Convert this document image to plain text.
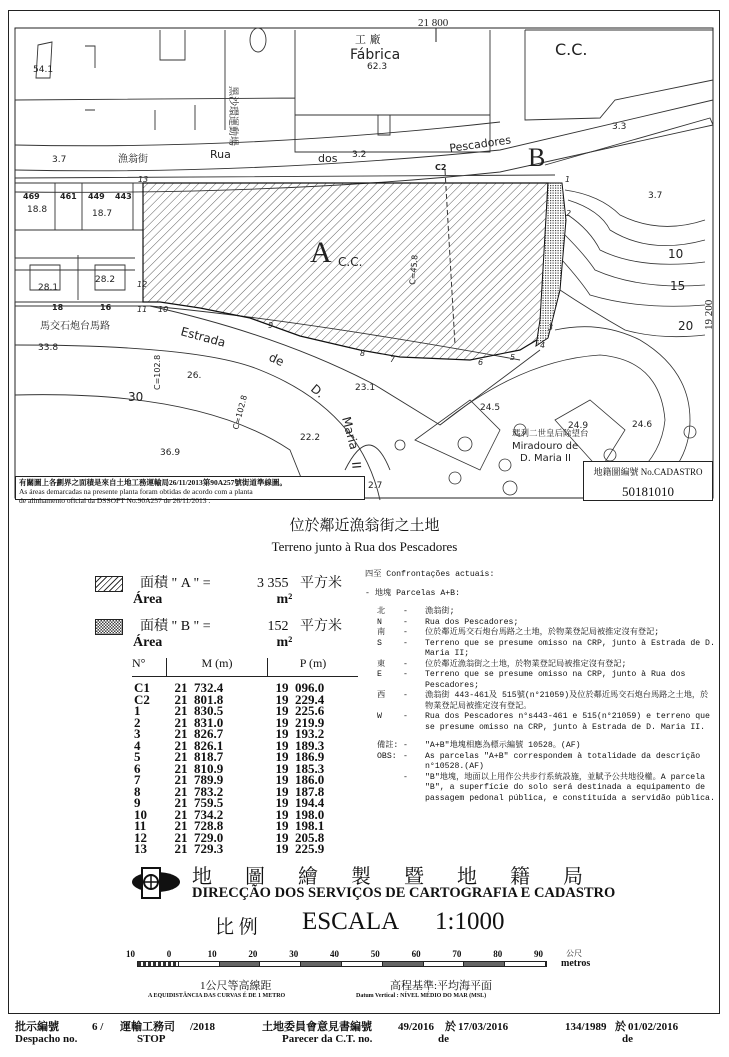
21 800
19 200
黑沙環運動場
工 廠
Fábrica
62.3
54.1
C.C.
3.3
3.7	漁翁街	Rua	dos 3.2
Pescadores
3.7
469	461 449 443
18.8	18.7
28.1
28.2
18	16
馬交石炮台馬路	Estrada
de
D.
Maria
II
33.8
26.
30
36.9
22.2
23.1
2.7
C=102.8
C=102.8
A C.C.
B
C2
C=45.8
13	1
2
3
4
5
6
7
8
9
10
11
12
10
15
20
24.5
24.9	24.6
瑪利二世皇后除望台
Miradouro de
D. Maria II
有關圖上各劃界之面積是來自土地工務運輸局26/11/2013第90A257號街道準線圖。
As áreas demarcadas na presente planta foram obtidas de acordo com a planta
de alinhamento oficial da DSSOPT No.90A257 de 26/11/2013 .
地籍圖編號 No.CADASTRO
50181010
位於鄰近漁翁街之土地
Terreno junto à Rua dos Pescadores
面積 " A " =	3 355 平方米
Área	m²
面積 " B " =	152 平方米
Área	m²
N°	M (m)	P (m)

C1	21  732.4	19  096.0
C2	21  801.8	19  229.4
1	21  830.5	19  225.6
2	21  831.0	19  219.9
3	21  826.7	19  193.2
4	21  826.1	19  189.3
5	21  818.7	19  186.9
6	21  810.9	19  185.3
7	21  789.9	19  186.0
8	21  783.2	19  187.8
9	21  759.5	19  194.4
10	21  734.2	19  198.0
11	21  728.8	19  198.1
12	21  729.0	19  205.8
13	21  729.3	19  225.9
四至 Confrontações actuais:
- 地塊 Parcelas A+B:
北	-	漁翁街;
N	-	Rua dos Pescadores;
南	-	位於鄰近馬交石炮台馬路之土地，於物業登記局被推定沒有登記;
S	-	Terreno que se presume omisso na CRP, junto à Estrada de D. Maria II;
東	-	位於鄰近漁翁街之土地，於物業登記局被推定沒有登記;
E	-	Terreno que se presume omisso na CRP, junto à Rua dos Pescadores;
西	-	漁翁街 443-461及 515號(n°21059)及位於鄰近馬交石炮台馬路之土地，於物業登記局被推定沒有登記。
W	-	Rua dos Pescadores n°s443-461 e 515(n°21059) e terreno que se presume omisso na CRP, junto à Estrada de D. Maria II.
備註: -	"A+B"地塊相應為標示編號 10528。(AF)
OBS: -	As parcelas "A+B" correspondem à totalidade da descrição n°10528.(AF)
-	"B"地塊，地面以上用作公共步行系統設施，並賦予公共地役權。A parcela "B", a superfície do solo será destinada a equipamento de passagem pedonal pública, e constituída a servidão pública.
地 圖 繪 製 暨 地 籍 局
DIRECÇÃO DOS SERVIÇOS DE CARTOGRAFIA E CADASTRO
比 例 ESCALA 1:1000
10	0	10	20	30	40	50	60	70	80	90	公尺
metros
1公尺等高線距
A EQUIDISTÂNCIA DAS CURVAS É DE 1 METRO
高程基準:平均海平面
Datum Vertical : NÍVEL MÉDIO DO MAR (MSL)
批示編號
Despacho no.
6 / 運輸工務司
STOP
/2018	土地委員會意見書編號
Parecer da C.T. no.
49/2016 於 17/03/2016
de
134/1989 於 01/02/2016
de
